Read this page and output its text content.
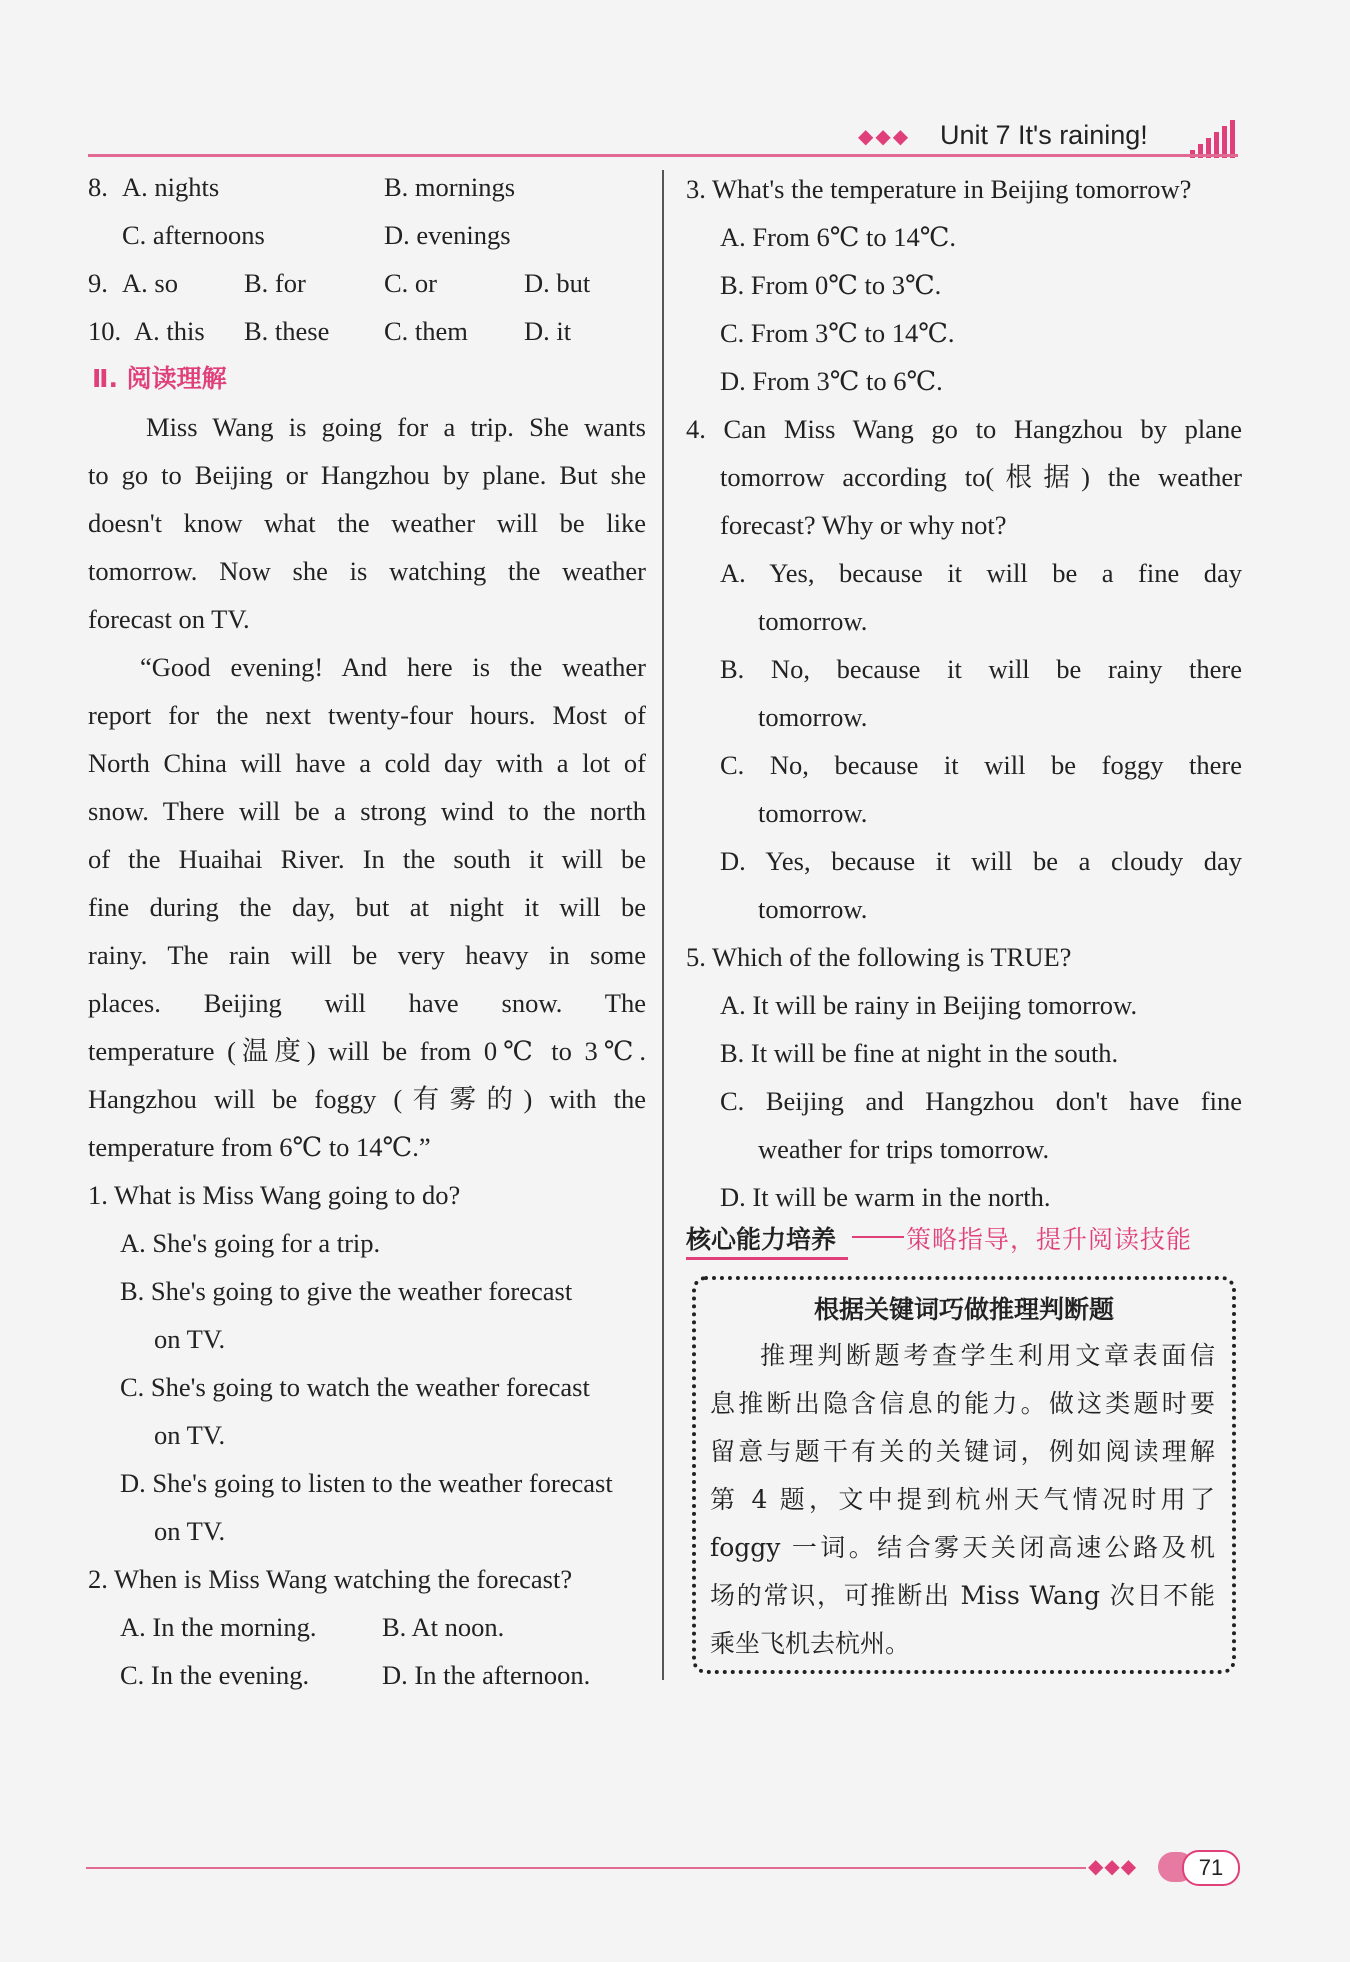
◆◆◆ Unit 7 It's raining!
8. A. nights	B. mornings
C. afternoons	D. evenings
9. A. so B. for	C. or	D. but
10. A. this B. these C. them D. it
Ⅱ. 阅读理解
Miss Wang is going for a trip. She wants
to go to Beijing or Hangzhou by plane. But she
doesn't know what the weather will be like
tomorrow. Now she is watching the weather
forecast on TV.
“Good evening! And here is the weather
report for the next twenty-four hours. Most of
North China will have a cold day with a lot of
snow. There will be a strong wind to the north
of the Huaihai River. In the south it will be
fine during the day, but at night it will be
rainy. The rain will be very heavy in some
places. Beijing will have snow. The
temperature (温度) will be from 0℃ to 3℃.
Hangzhou will be foggy (有雾的) with the
temperature from 6℃ to 14℃.”
1. What is Miss Wang going to do?
A. She's going for a trip.
B. She's going to give the weather forecast
on TV.
C. She's going to watch the weather forecast
on TV.
D. She's going to listen to the weather forecast
on TV.
2. When is Miss Wang watching the forecast?
A. In the morning. B. At noon.
C. In the evening.	D. In the afternoon.
3. What's the temperature in Beijing tomorrow?
A. From 6℃ to 14℃.
B. From 0℃ to 3℃.
C. From 3℃ to 14℃.
D. From 3℃ to 6℃.
4. Can Miss Wang go to Hangzhou by plane
tomorrow according to(根据) the weather
forecast? Why or why not?
A. Yes, because it will be a fine day
tomorrow.
B. No, because it will be rainy there
tomorrow.
C. No, because it will be foggy there
tomorrow.
D. Yes, because it will be a cloudy day
tomorrow.
5. Which of the following is TRUE?
A. It will be rainy in Beijing tomorrow.
B. It will be fine at night in the south.
C. Beijing and Hangzhou don't have fine
weather for trips tomorrow.
D. It will be warm in the north.
核心能力培养	策略指导，提升阅读技能
根据关键词巧做推理判断题
推理判断题考查学生利用文章表面信
息推断出隐含信息的能力。做这类题时要
留意与题干有关的关键词，例如阅读理解
第 4 题，文中提到杭州天气情况时用了
foggy 一词。结合雾天关闭高速公路及机
场的常识，可推断出 Miss Wang 次日不能
乘坐飞机去杭州。
◆◆◆	71
